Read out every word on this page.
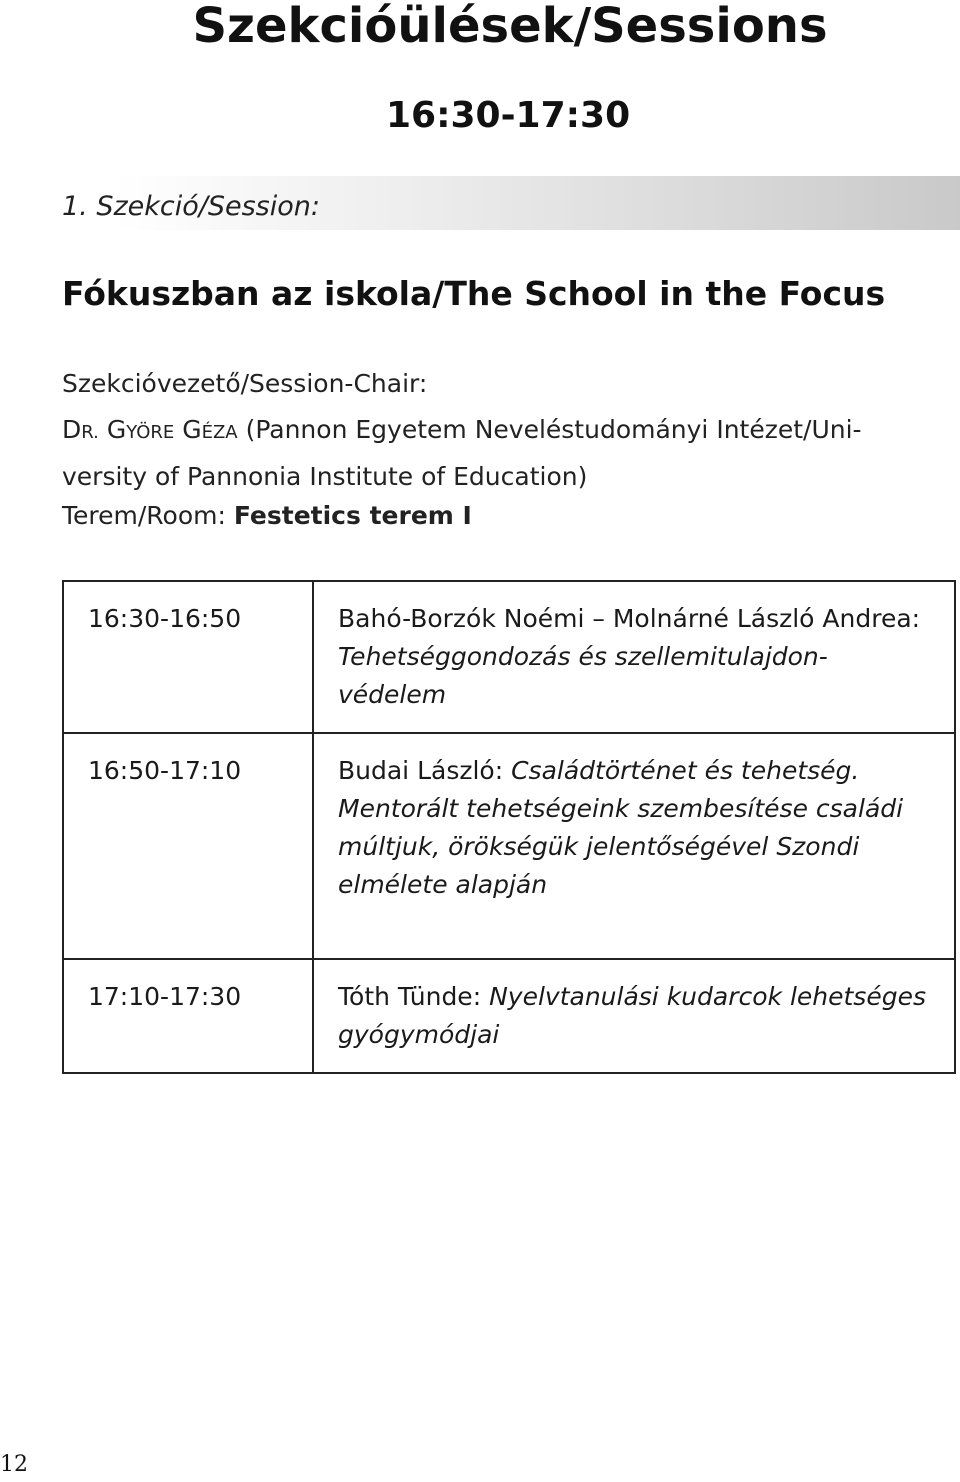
Szekcióülések/Sessions
16:30-17:30
1. Szekció/Session:
Fókuszban az iskola/The School in the Focus
Szekcióvezető/Session-Chair:
DR. GYÖRE GÉZA (Pannon Egyetem Neveléstudományi Intézet/Uni-
versity of Pannonia Institute of Education)
Terem/Room: Festetics terem I
16:30-16:50	Bahó-Borzók Noémi – Molnárné László Andrea: Tehetséggondozás és szellemitulajdon-védelem
16:50-17:10	Budai László: Családtörténet és tehetség. Mentorált tehetségeink szembesítése családi múltjuk, örökségük jelentőségével Szondi elmélete alapján
17:10-17:30	Tóth Tünde: Nyelvtanulási kudarcok lehetséges gyógymódjai
12
